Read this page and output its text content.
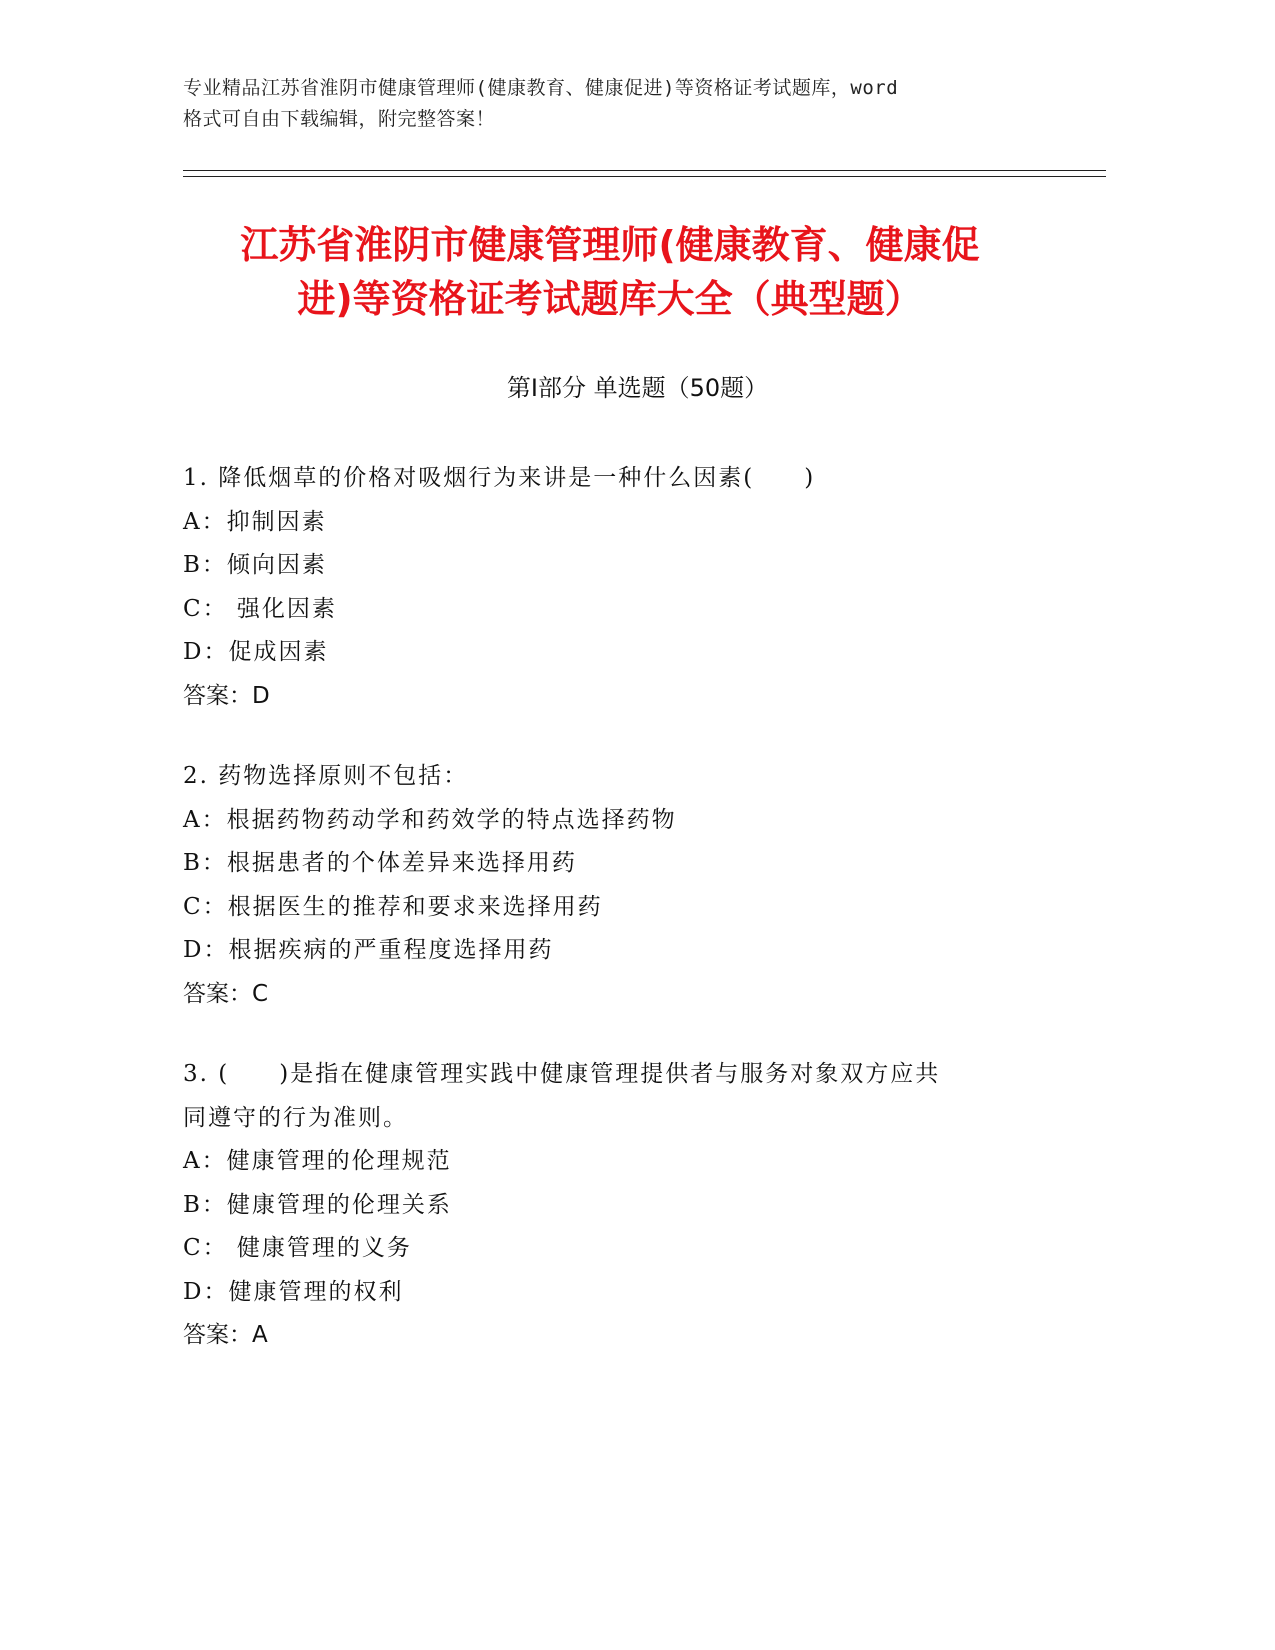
专业精品江苏省淮阴市健康管理师(健康教育、健康促进)等资格证考试题库，word
格式可自由下载编辑，附完整答案！
江苏省淮阴市健康管理师(健康教育、健康促
进)等资格证考试题库大全（典型题）
第Ⅰ部分 单选题（50题）
1. 降低烟草的价格对吸烟行为来讲是一种什么因素(　　)
A：抑制因素
B：倾向因素
C： 强化因素
D：促成因素
答案：D
2. 药物选择原则不包括：
A：根据药物药动学和药效学的特点选择药物
B：根据患者的个体差异来选择用药
C：根据医生的推荐和要求来选择用药
D：根据疾病的严重程度选择用药
答案：C
3. (　　)是指在健康管理实践中健康管理提供者与服务对象双方应共
同遵守的行为准则。
A：健康管理的伦理规范
B：健康管理的伦理关系
C： 健康管理的义务
D：健康管理的权利
答案：A
